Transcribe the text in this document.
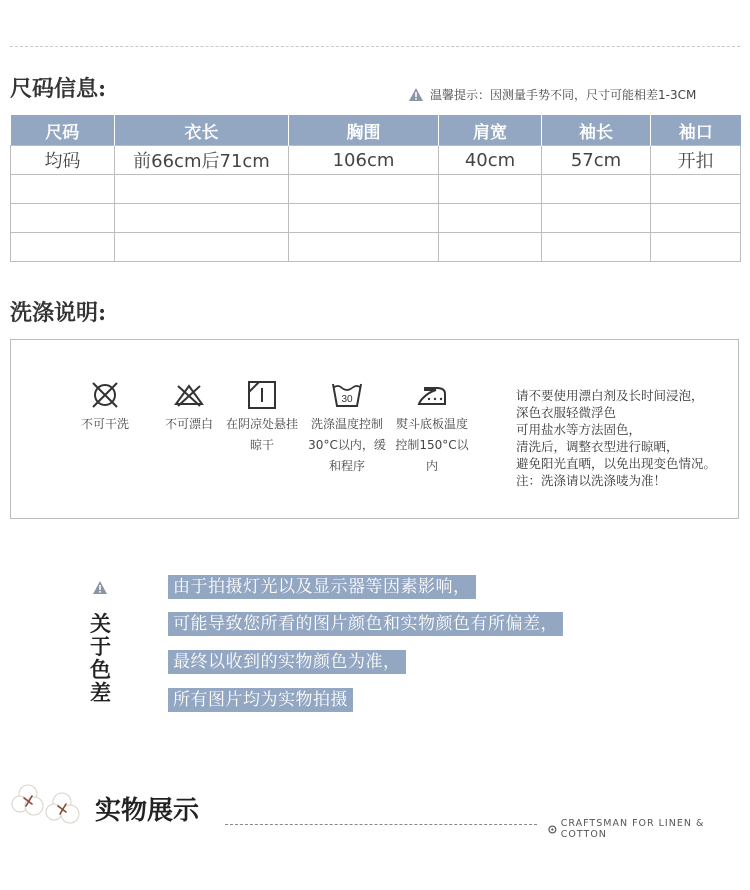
尺码信息:	温馨提示：因测量手势不同，尺寸可能相差1-3CM
尺码	衣长	胸围	肩宽	袖长	袖口
均码	前66cm后71cm	106cm	40cm	57cm	开扣

洗涤说明:
不可干洗	不可漂白	在阴凉处悬挂晾干
30
洗涤温度控制30°C以内，缓和程序
熨斗底板温度控制150°C以内
请不要使用漂白剂及长时间浸泡，
深色衣服轻微浮色
可用盐水等方法固色，
清洗后，调整衣型进行晾晒，
避免阳光直晒，以免出现变色情况。
注：洗涤请以洗涤唛为准！
关于色差
由于拍摄灯光以及显示器等因素影响，
可能导致您所看的图片颜色和实物颜色有所偏差，
最终以收到的实物颜色为准，
所有图片均为实物拍摄
实物展示	CRAFTSMAN FOR LINEN & COTTON
